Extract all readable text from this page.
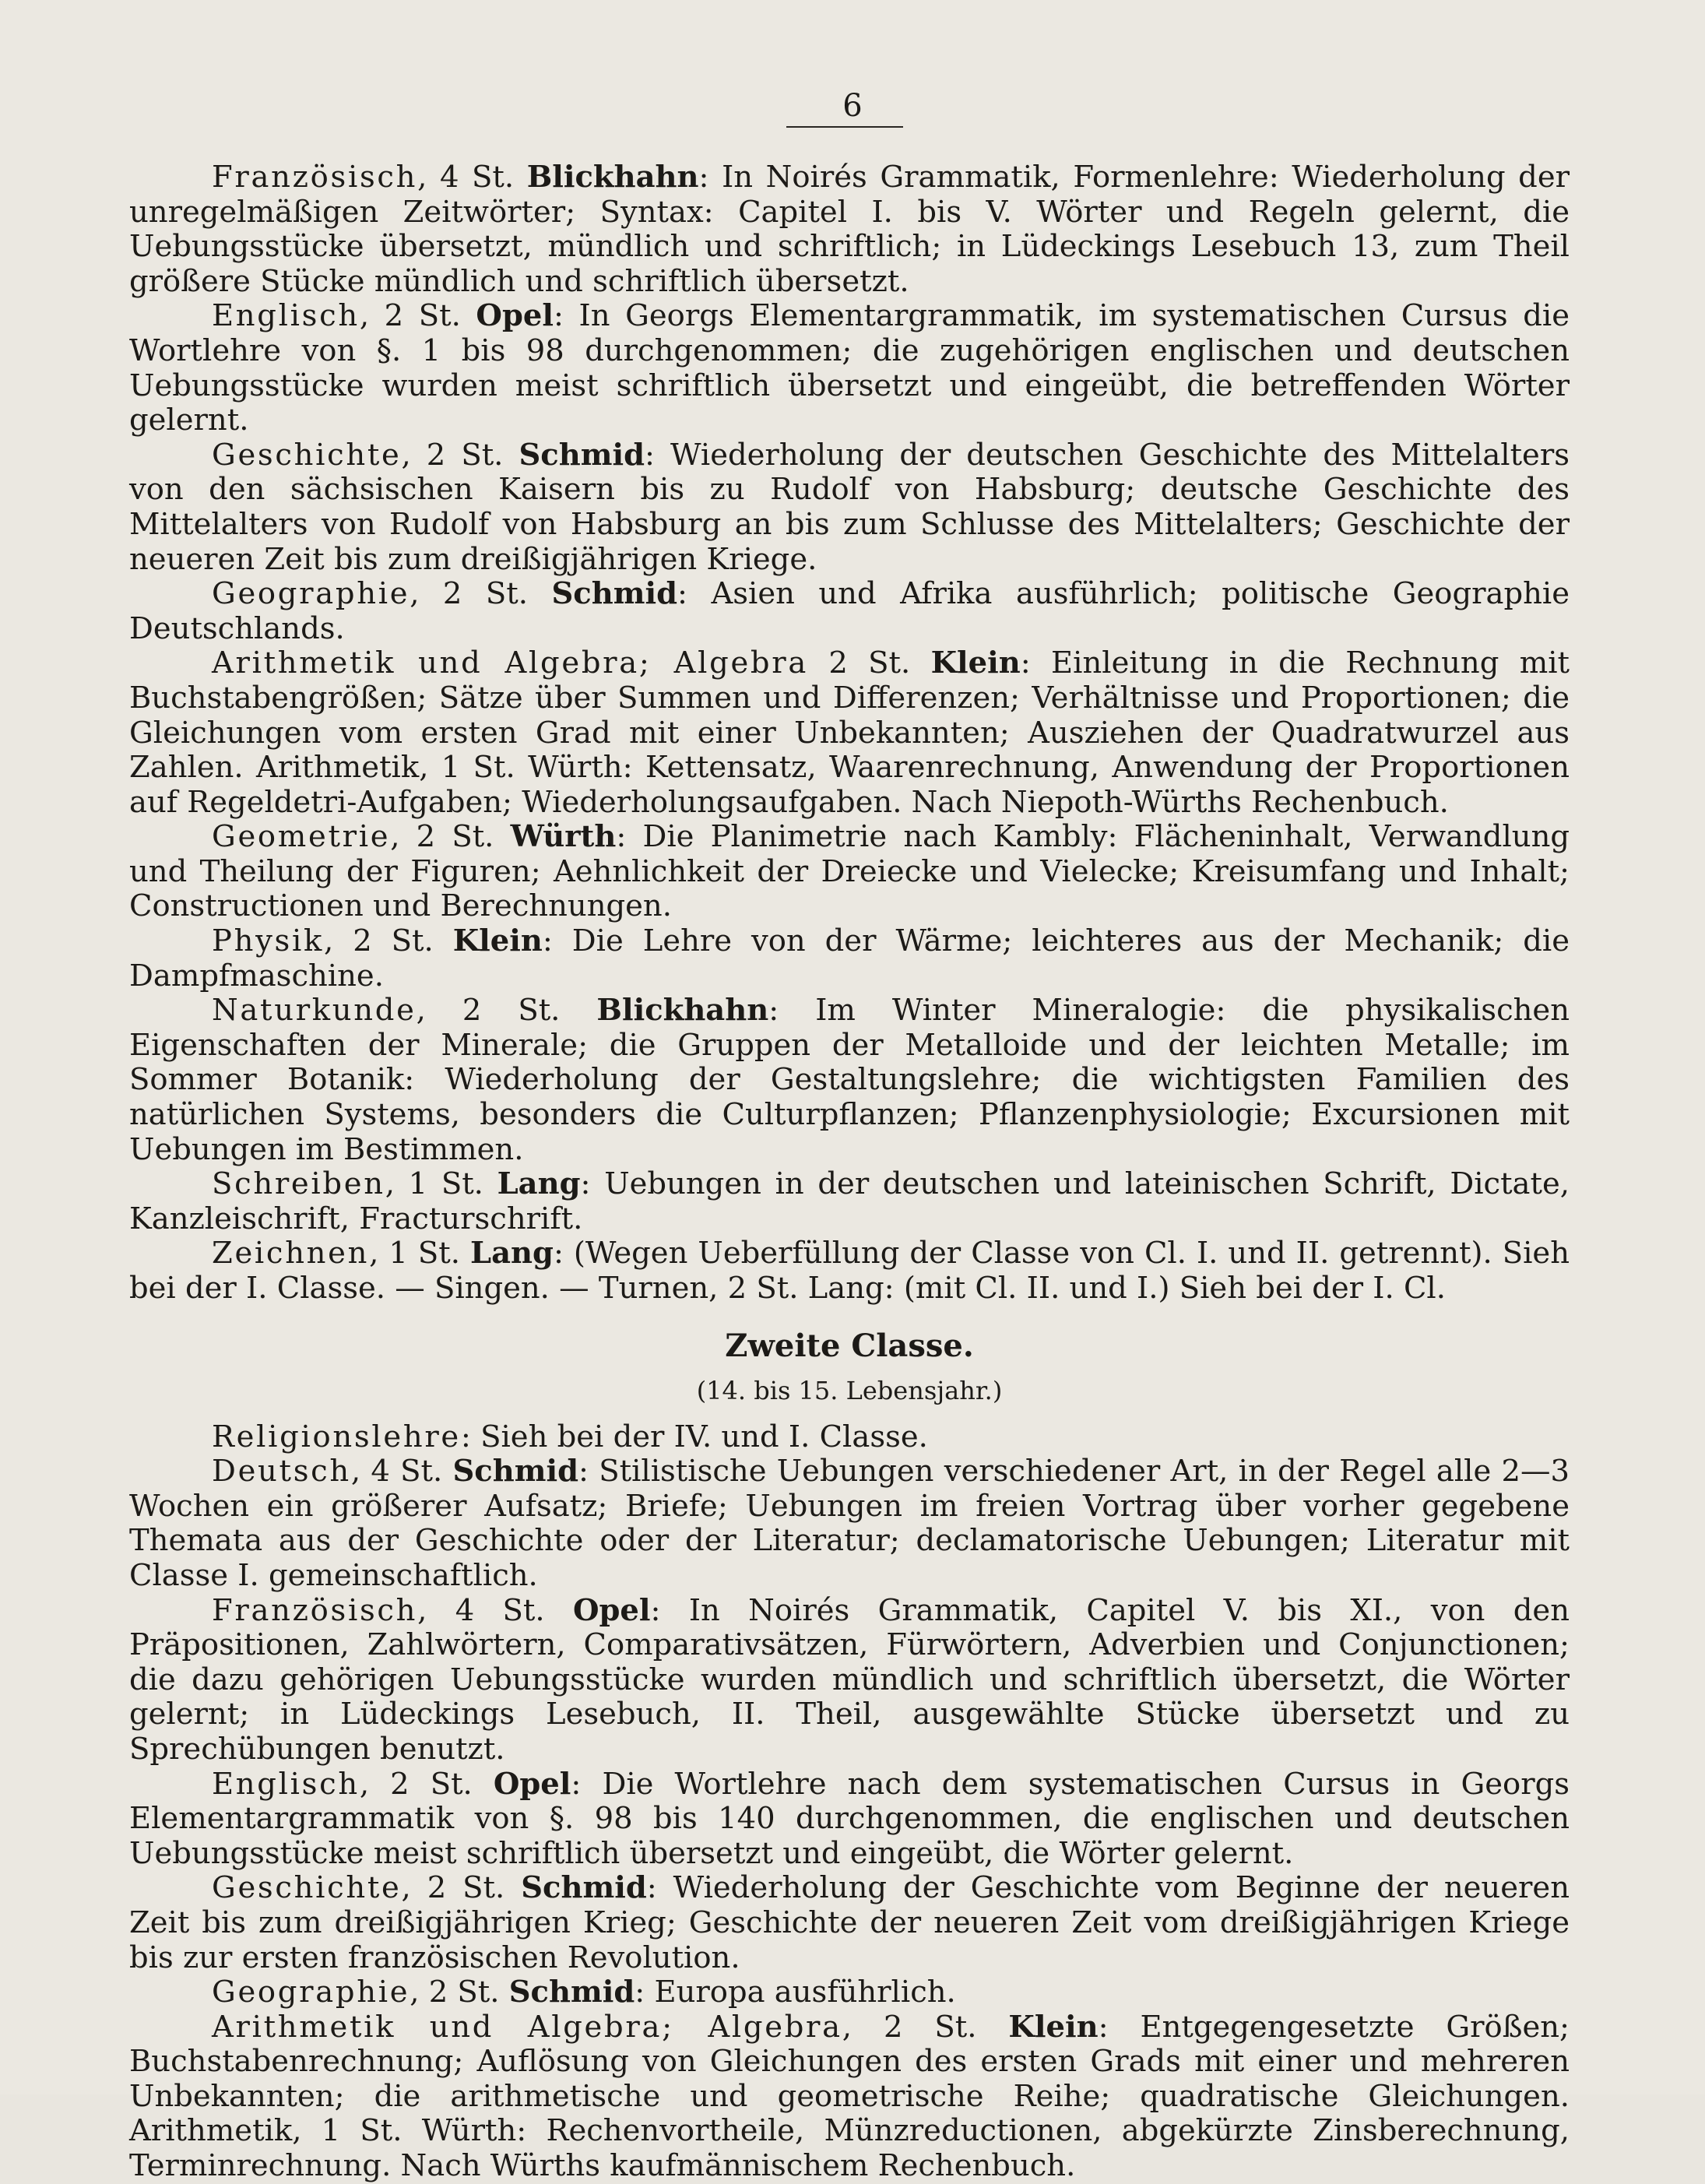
6

Französisch, 4 St. Blickhahn: In Noirés Grammatik, Formenlehre: Wiederholung der unregelmäßigen Zeitwörter; Syntax: Capitel I. bis V. Wörter und Regeln gelernt, die Uebungsstücke übersetzt, mündlich und schriftlich; in Lüdeckings Lesebuch 13, zum Theil größere Stücke mündlich und schriftlich übersetzt.

Englisch, 2 St. Opel: In Georgs Elementargrammatik, im systematischen Cursus die Wortlehre von §. 1 bis 98 durchgenommen; die zugehörigen englischen und deutschen Uebungsstücke wurden meist schriftlich übersetzt und eingeübt, die betreffenden Wörter gelernt.

Geschichte, 2 St. Schmid: Wiederholung der deutschen Geschichte des Mittelalters von den sächsischen Kaisern bis zu Rudolf von Habsburg; deutsche Geschichte des Mittelalters von Rudolf von Habsburg an bis zum Schlusse des Mittelalters; Geschichte der neueren Zeit bis zum dreißigjährigen Kriege.

Geographie, 2 St. Schmid: Asien und Afrika ausführlich; politische Geographie Deutschlands.

Arithmetik und Algebra; Algebra 2 St. Klein: Einleitung in die Rechnung mit Buchstabengrößen; Sätze über Summen und Differenzen; Verhältnisse und Proportionen; die Gleichungen vom ersten Grad mit einer Unbekannten; Ausziehen der Quadratwurzel aus Zahlen. Arithmetik, 1 St. Würth: Kettensatz, Waarenrechnung, Anwendung der Proportionen auf Regeldetri-Aufgaben; Wiederholungsaufgaben. Nach Niepoth-Würths Rechenbuch.

Geometrie, 2 St. Würth: Die Planimetrie nach Kambly: Flächeninhalt, Verwandlung und Theilung der Figuren; Aehnlichkeit der Dreiecke und Vielecke; Kreisumfang und Inhalt; Constructionen und Berechnungen.

Physik, 2 St. Klein: Die Lehre von der Wärme; leichteres aus der Mechanik; die Dampfmaschine.

Naturkunde, 2 St. Blickhahn: Im Winter Mineralogie: die physikalischen Eigenschaften der Minerale; die Gruppen der Metalloide und der leichten Metalle; im Sommer Botanik: Wiederholung der Gestaltungslehre; die wichtigsten Familien des natürlichen Systems, besonders die Culturpflanzen; Pflanzenphysiologie; Excursionen mit Uebungen im Bestimmen.

Schreiben, 1 St. Lang: Uebungen in der deutschen und lateinischen Schrift, Dictate, Kanzleischrift, Fracturschrift.

Zeichnen, 1 St. Lang: (Wegen Ueberfüllung der Classe von Cl. I. und II. getrennt). Sieh bei der I. Classe. — Singen. — Turnen, 2 St. Lang: (mit Cl. II. und I.) Sieh bei der I. Cl.

Zweite Classe.

(14. bis 15. Lebensjahr.)

Religionslehre: Sieh bei der IV. und I. Classe.

Deutsch, 4 St. Schmid: Stilistische Uebungen verschiedener Art, in der Regel alle 2—3 Wochen ein größerer Aufsatz; Briefe; Uebungen im freien Vortrag über vorher gegebene Themata aus der Geschichte oder der Literatur; declamatorische Uebungen; Literatur mit Classe I. gemeinschaftlich.

Französisch, 4 St. Opel: In Noirés Grammatik, Capitel V. bis XI., von den Präpositionen, Zahlwörtern, Comparativsätzen, Fürwörtern, Adverbien und Conjunctionen; die dazu gehörigen Uebungsstücke wurden mündlich und schriftlich übersetzt, die Wörter gelernt; in Lüdeckings Lesebuch, II. Theil, ausgewählte Stücke übersetzt und zu Sprechübungen benutzt.

Englisch, 2 St. Opel: Die Wortlehre nach dem systematischen Cursus in Georgs Elementargrammatik von §. 98 bis 140 durchgenommen, die englischen und deutschen Uebungsstücke meist schriftlich übersetzt und eingeübt, die Wörter gelernt.

Geschichte, 2 St. Schmid: Wiederholung der Geschichte vom Beginne der neueren Zeit bis zum dreißigjährigen Krieg; Geschichte der neueren Zeit vom dreißigjährigen Kriege bis zur ersten französischen Revolution.

Geographie, 2 St. Schmid: Europa ausführlich.

Arithmetik und Algebra; Algebra, 2 St. Klein: Entgegengesetzte Größen; Buchstabenrechnung; Auflösung von Gleichungen des ersten Grads mit einer und mehreren Unbekannten; die arithmetische und geometrische Reihe; quadratische Gleichungen. Arithmetik, 1 St. Würth: Rechenvortheile, Münzreductionen, abgekürzte Zinsberechnung, Terminrechnung. Nach Würths kaufmännischem Rechenbuch.
